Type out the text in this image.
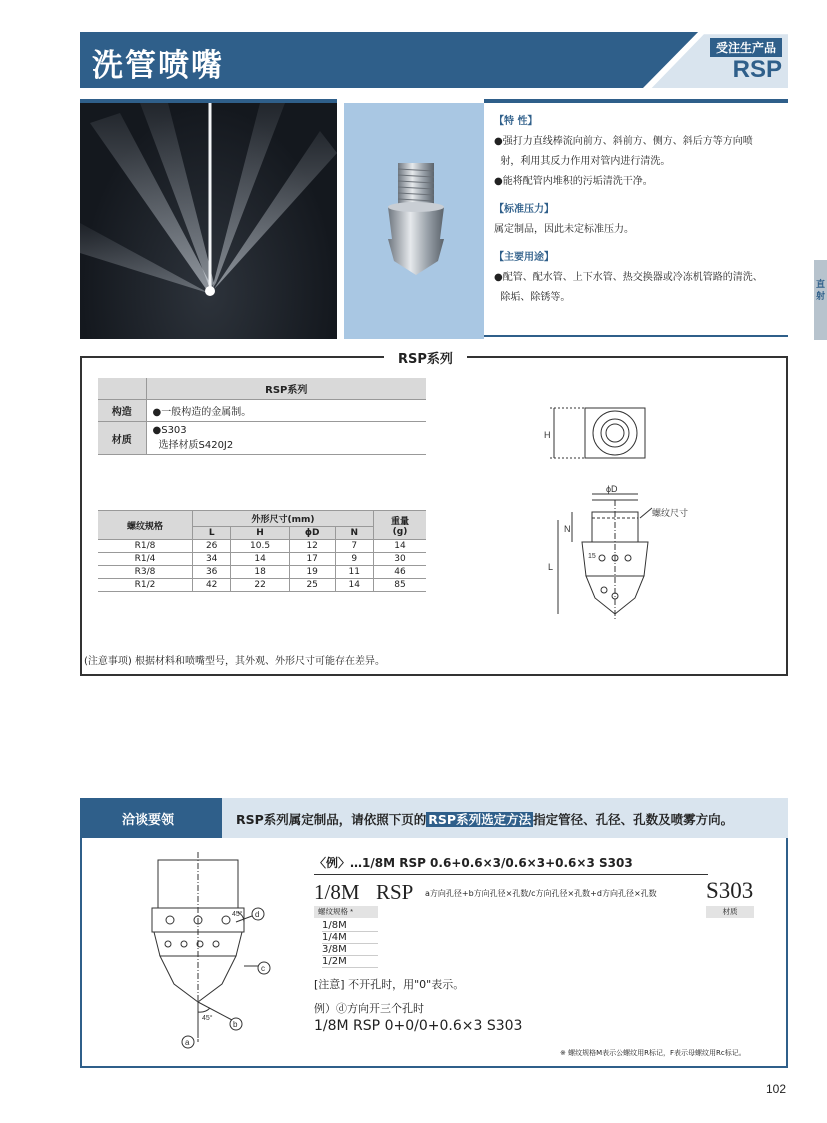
洗管喷嘴	受注生产品
RSP
【特 性】
●强打力直线棒流向前方、斜前方、侧方、斜后方等方向喷
射，利用其反力作用对管内进行清洗。
●能将配管内堆积的污垢清洗干净。
【标准压力】
属定制品，因此未定标准压力。
【主要用途】
●配管、配水管、上下水管、热交换器或冷冻机管路的清洗、
除垢、除锈等。
直射
RSP系列
	RSP系列
构造	●一般构造的金属制。
材质	●S303
选择材质S420J2
螺纹规格	外形尺寸(mm)				重量
(g)

	L	H	ϕD	N	
R1/8	26	10.5	12	7	14
R1/4	34	14	17	9	30
R3/8	36	18	19	11	46
R1/2	42	22	25	14	85
H
ϕD
螺纹尺寸
N
L
15
(注意事项) 根据材料和喷嘴型号，其外观、外形尺寸可能存在差异。
洽谈要领	RSP系列属定制品，请依照下页的 RSP系列选定方法 指定管径、孔径、孔数及喷雾方向。
d
c
b
a
45°
45°
〈例〉…1/8M RSP 0.6+0.6×3/0.6×3+0.6×3 S303
1/8M RSP a方向孔径+b方向孔径×孔数/c方向孔径×孔数+d方向孔径×孔数 S303
螺纹规格 *	材质
1/8M
1/4M
3/8M
1/2M
[注意] 不开孔时，用"0"表示。
例）ⓓ方向开三个孔时
1/8M RSP 0+0/0+0.6×3 S303
※ 螺纹规格M表示公螺纹用R标记，F表示母螺纹用Rc标记。
102
